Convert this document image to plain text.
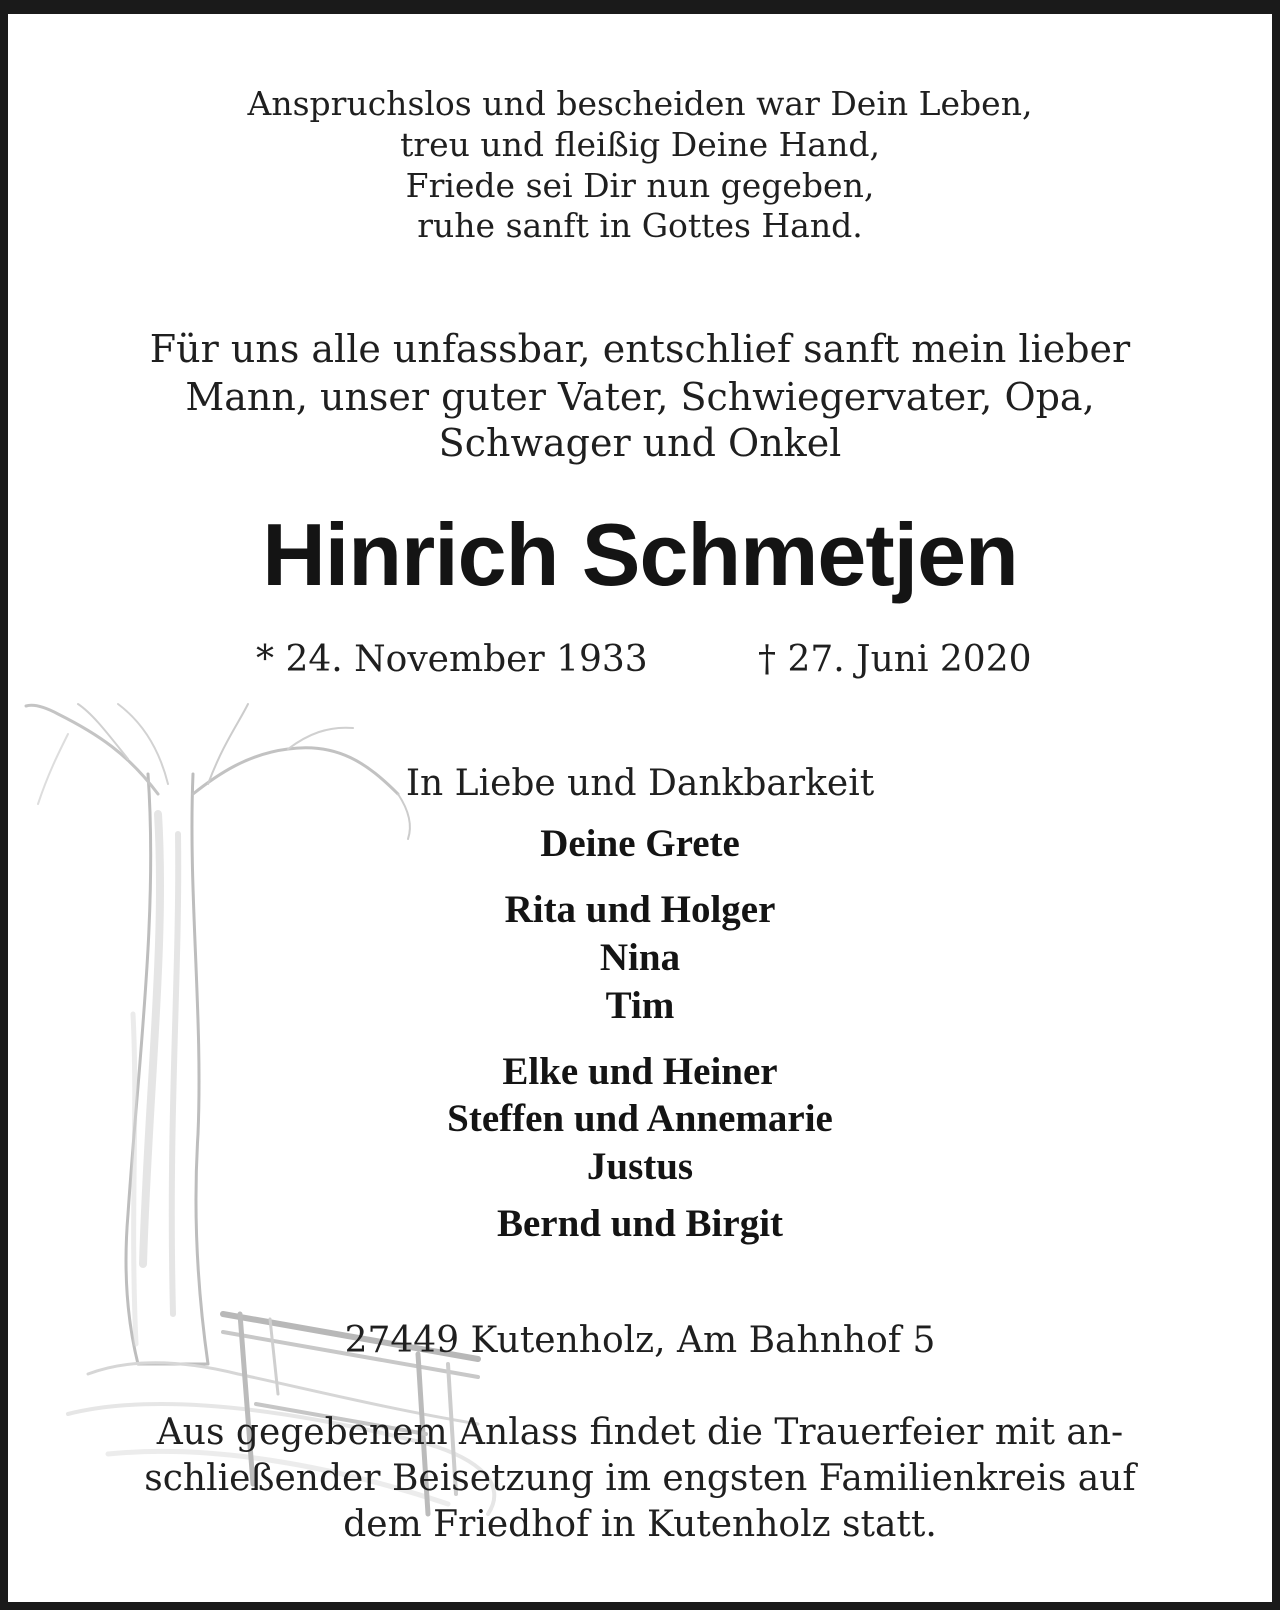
Anspruchslos und bescheiden war Dein Leben,
treu und fleißig Deine Hand,
Friede sei Dir nun gegeben,
ruhe sanft in Gottes Hand.
Für uns alle unfassbar, entschlief sanft mein lieber
Mann, unser guter Vater, Schwiegervater, Opa,
Schwager und Onkel
Hinrich Schmetjen
* 24. November 1933	† 27. Juni 2020
In Liebe und Dankbarkeit
Deine Grete
Rita und Holger
Nina
Tim
Elke und Heiner
Steffen und Annemarie
Justus
Bernd und Birgit
27449 Kutenholz, Am Bahnhof 5
Aus gegebenem Anlass findet die Trauerfeier mit an-
schließender Beisetzung im engsten Familienkreis auf
dem Friedhof in Kutenholz statt.
